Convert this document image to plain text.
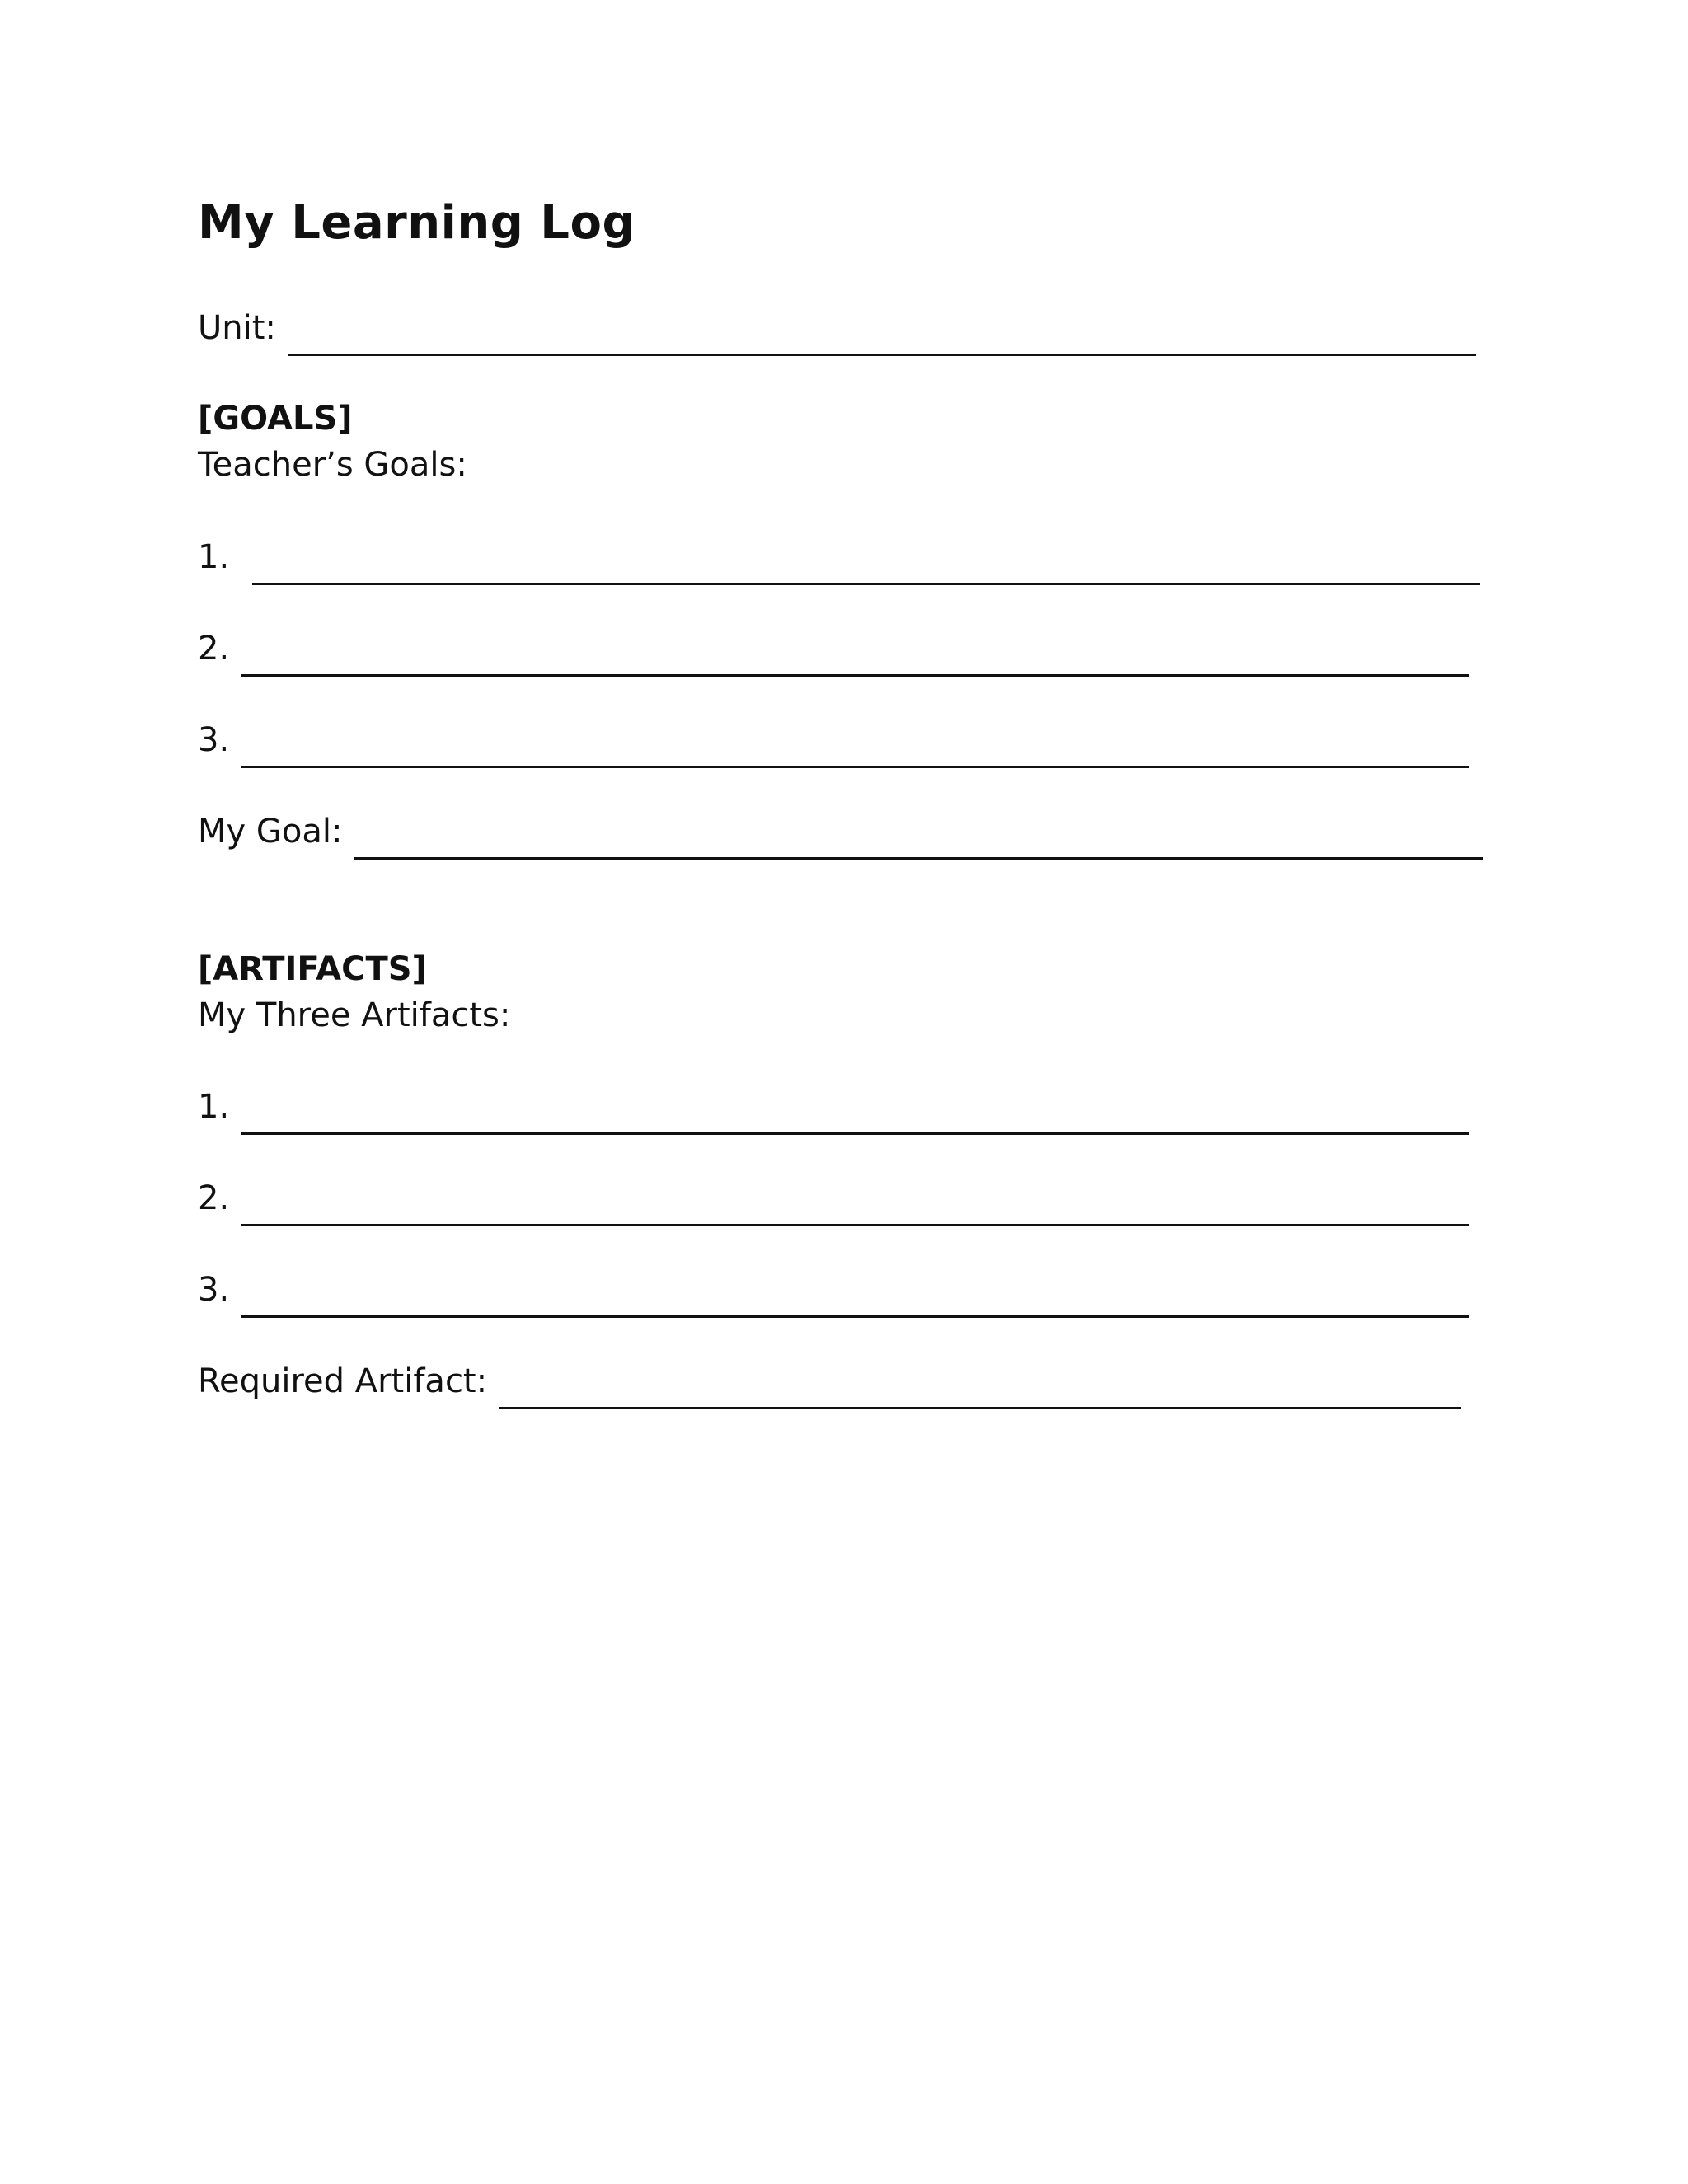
My Learning Log
Unit:
[GOALS]

Teacher’s Goals:

1.
2.
3.
My Goal:
[ARTIFACTS]

My Three Artifacts:

1.
2.
3.
Required Artifact:
